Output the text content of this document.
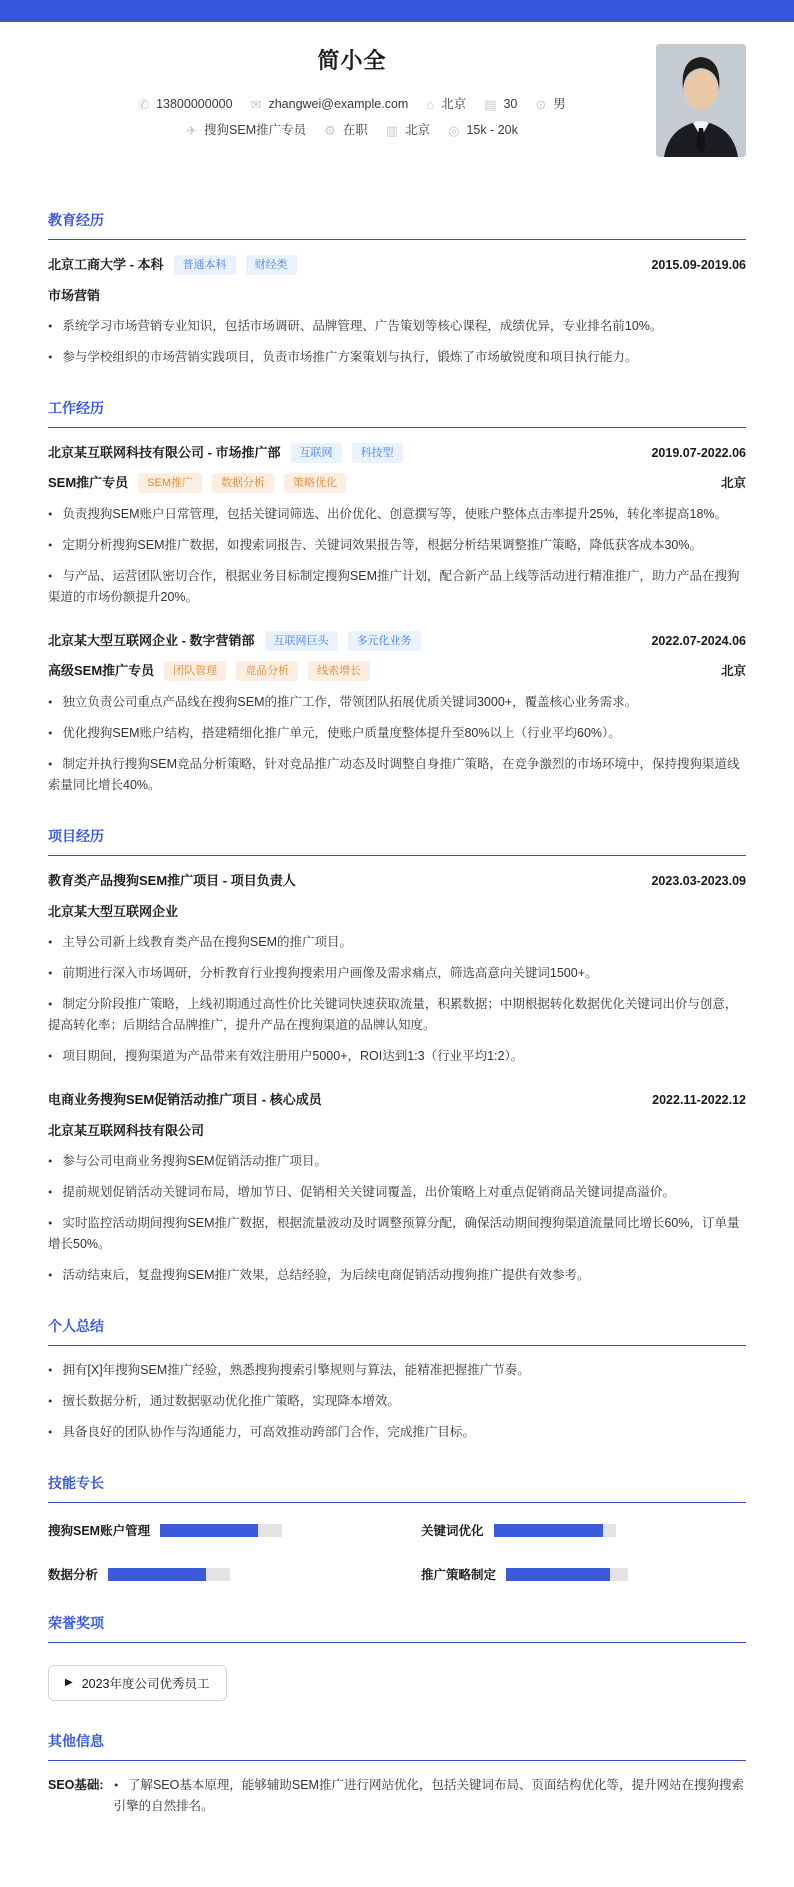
简小全
✆ 13800000000 ✉ zhangwei@example.com ⌂ 北京 ▤ 30 ⊙ 男
✈ 搜狗SEM推广专员 ⚙ 在职 ▥ 北京 ◎ 15k - 20k
教育经历
北京工商大学 - 本科	普通本科	财经类	2015.09-2019.06
市场营销
• 系统学习市场营销专业知识，包括市场调研、品牌管理、广告策划等核心课程，成绩优异，专业排名前10%。
• 参与学校组织的市场营销实践项目，负责市场推广方案策划与执行，锻炼了市场敏锐度和项目执行能力。
工作经历
北京某互联网科技有限公司 - 市场推广部	互联网	科技型	2019.07-2022.06
SEM推广专员	SEM推广	数据分析	策略优化	北京
• 负责搜狗SEM账户日常管理，包括关键词筛选、出价优化、创意撰写等，使账户整体点击率提升25%，转化率提高18%。
• 定期分析搜狗SEM推广数据，如搜索词报告、关键词效果报告等，根据分析结果调整推广策略，降低获客成本30%。
• 与产品、运营团队密切合作，根据业务目标制定搜狗SEM推广计划，配合新产品上线等活动进行精准推广，助力产品在搜狗渠道的市场份额提升20%。
北京某大型互联网企业 - 数字营销部	互联网巨头	多元化业务	2022.07-2024.06
高级SEM推广专员	团队管理	竞品分析	线索增长	北京
• 独立负责公司重点产品线在搜狗SEM的推广工作，带领团队拓展优质关键词3000+，覆盖核心业务需求。
• 优化搜狗SEM账户结构，搭建精细化推广单元，使账户质量度整体提升至80%以上（行业平均60%）。
• 制定并执行搜狗SEM竞品分析策略，针对竞品推广动态及时调整自身推广策略，在竞争激烈的市场环境中，保持搜狗渠道线索量同比增长40%。
项目经历
教育类产品搜狗SEM推广项目 - 项目负责人	2023.03-2023.09
北京某大型互联网企业
• 主导公司新上线教育类产品在搜狗SEM的推广项目。
• 前期进行深入市场调研，分析教育行业搜狗搜索用户画像及需求痛点，筛选高意向关键词1500+。
• 制定分阶段推广策略，上线初期通过高性价比关键词快速获取流量，积累数据；中期根据转化数据优化关键词出价与创意，提高转化率；后期结合品牌推广，提升产品在搜狗渠道的品牌认知度。
• 项目期间，搜狗渠道为产品带来有效注册用户5000+，ROI达到1:3（行业平均1:2）。
电商业务搜狗SEM促销活动推广项目 - 核心成员	2022.11-2022.12
北京某互联网科技有限公司
• 参与公司电商业务搜狗SEM促销活动推广项目。
• 提前规划促销活动关键词布局，增加节日、促销相关关键词覆盖，出价策略上对重点促销商品关键词提高溢价。
• 实时监控活动期间搜狗SEM推广数据，根据流量波动及时调整预算分配，确保活动期间搜狗渠道流量同比增长60%，订单量增长50%。
• 活动结束后，复盘搜狗SEM推广效果，总结经验，为后续电商促销活动搜狗推广提供有效参考。
个人总结
• 拥有[X]年搜狗SEM推广经验，熟悉搜狗搜索引擎规则与算法，能精准把握推广节奏。
• 擅长数据分析，通过数据驱动优化推广策略，实现降本增效。
• 具备良好的团队协作与沟通能力，可高效推动跨部门合作，完成推广目标。
技能专长
搜狗SEM账户管理	关键词优化
数据分析	推广策略制定
荣誉奖项
▶ 2023年度公司优秀员工
其他信息
SEO基础: • 了解SEO基本原理，能够辅助SEM推广进行网站优化，包括关键词布局、页面结构优化等，提升网站在搜狗搜索引擎的自然排名。
